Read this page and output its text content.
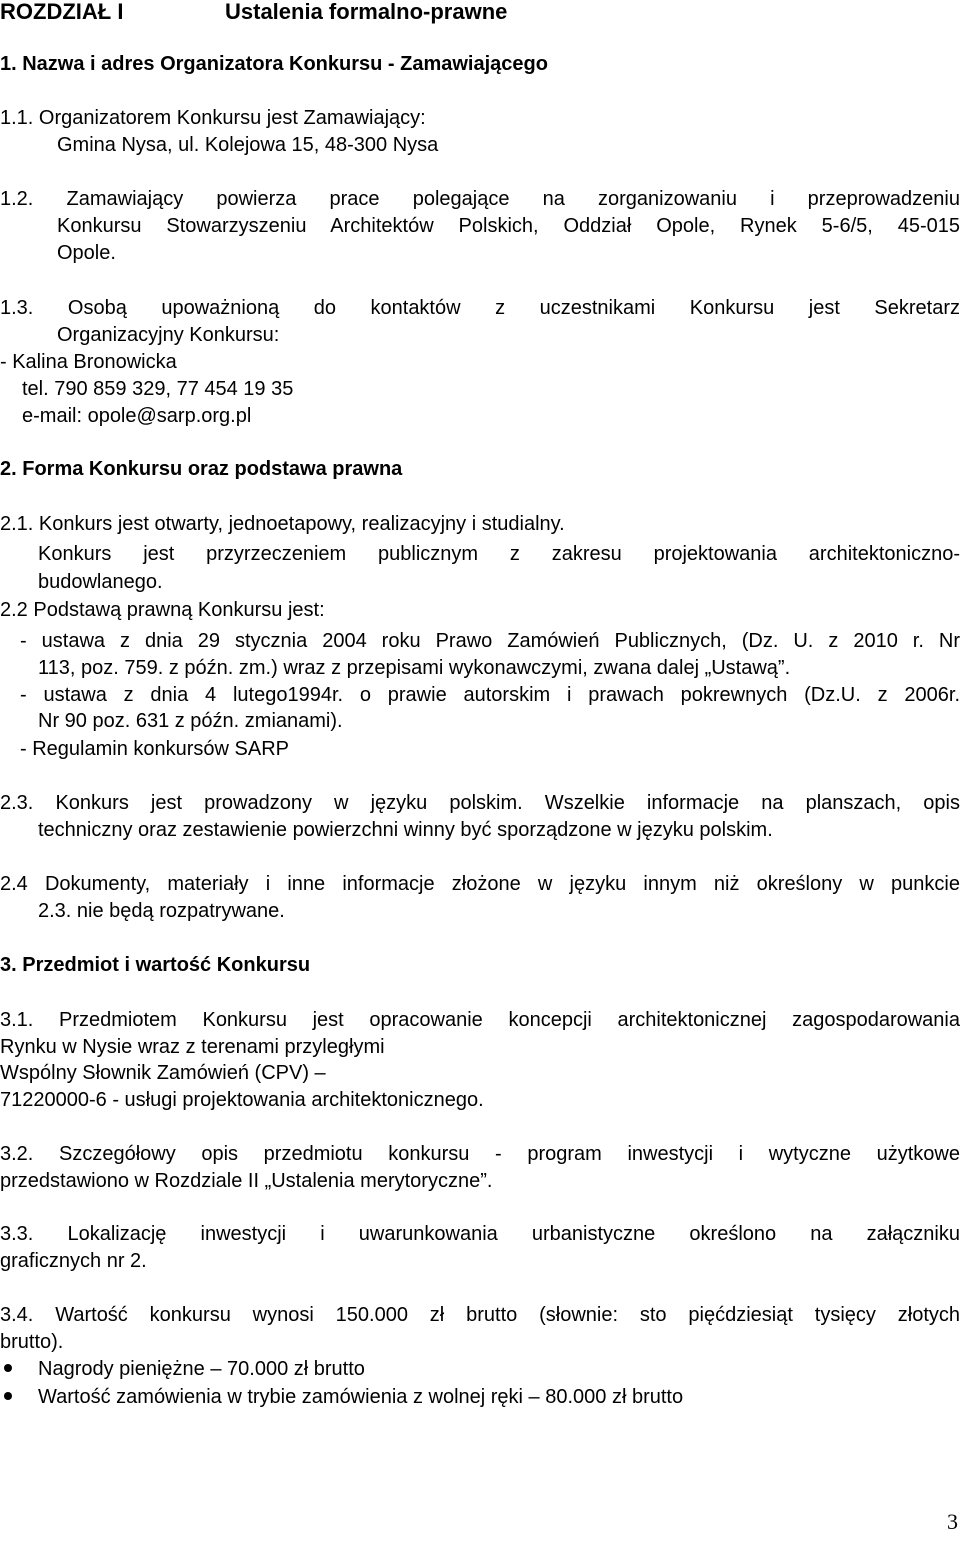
ROZDZIAŁ I	Ustalenia formalno-prawne
1. Nazwa i adres Organizatora Konkursu - Zamawiającego
1.1. Organizatorem Konkursu jest Zamawiający:
Gmina Nysa, ul. Kolejowa 15, 48-300 Nysa
1.2. Zamawiający powierza prace polegające na zorganizowaniu i przeprowadzeniu
Konkursu Stowarzyszeniu Architektów Polskich, Oddział Opole, Rynek 5-6/5, 45-015
Opole.
1.3. Osobą upoważnioną do kontaktów z uczestnikami Konkursu jest Sekretarz
Organizacyjny Konkursu:
- Kalina Bronowicka
tel. 790 859 329, 77 454 19 35
e-mail: opole@sarp.org.pl
2. Forma Konkursu oraz podstawa prawna
2.1. Konkurs jest otwarty, jednoetapowy, realizacyjny i studialny.
Konkurs jest przyrzeczeniem publicznym z zakresu projektowania architektoniczno-
budowlanego.
2.2 Podstawą prawną Konkursu jest:
- ustawa z dnia 29 stycznia 2004 roku Prawo Zamówień Publicznych, (Dz. U. z 2010 r. Nr
113, poz. 759. z późn. zm.) wraz z przepisami wykonawczymi, zwana dalej „Ustawą”.
- ustawa z dnia 4 lutego1994r. o prawie autorskim i prawach pokrewnych (Dz.U. z 2006r.
Nr 90 poz. 631 z późn. zmianami).
- Regulamin konkursów SARP
2.3. Konkurs jest prowadzony w języku polskim. Wszelkie informacje na planszach, opis
techniczny oraz zestawienie powierzchni winny być sporządzone w języku polskim.
2.4 Dokumenty, materiały i inne informacje złożone w języku innym niż określony w punkcie
2.3. nie będą rozpatrywane.
3. Przedmiot i wartość Konkursu
3.1. Przedmiotem Konkursu jest opracowanie koncepcji architektonicznej zagospodarowania
Rynku w Nysie wraz z terenami przyległymi
Wspólny Słownik Zamówień (CPV) –
71220000-6 - usługi projektowania architektonicznego.
3.2. Szczegółowy opis przedmiotu konkursu - program inwestycji i wytyczne użytkowe
przedstawiono w Rozdziale II „Ustalenia merytoryczne”.
3.3. Lokalizację inwestycji i uwarunkowania urbanistyczne określono na załączniku
graficznych nr 2.
3.4. Wartość konkursu wynosi 150.000 zł brutto (słownie: sto pięćdziesiąt tysięcy złotych
brutto).
Nagrody pieniężne – 70.000 zł brutto
Wartość zamówienia w trybie zamówienia z wolnej ręki – 80.000 zł brutto
3
